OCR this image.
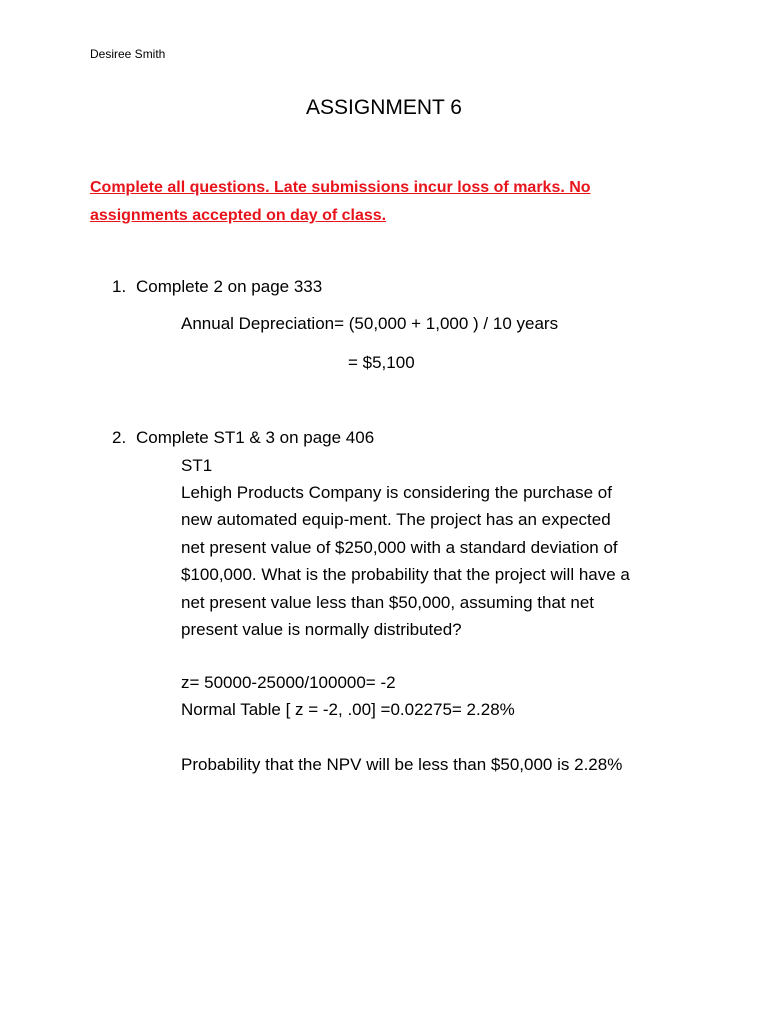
Desiree Smith
ASSIGNMENT 6
Complete all questions. Late submissions incur loss of marks. No
assignments accepted on day of class.
1. Complete 2 on page 333
Annual Depreciation= (50,000 + 1,000 ) / 10 years
= $5,100
2. Complete ST1 & 3 on page 406
ST1
Lehigh Products Company is considering the purchase of
new automated equip-ment. The project has an expected
net present value of $250,000 with a standard deviation of
$100,000. What is the probability that the project will have a
net present value less than $50,000, assuming that net
present value is normally distributed?
z= 50000-25000/100000= -2
Normal Table [ z = -2, .00] =0.02275= 2.28%
Probability that the NPV will be less than $50,000 is 2.28%
